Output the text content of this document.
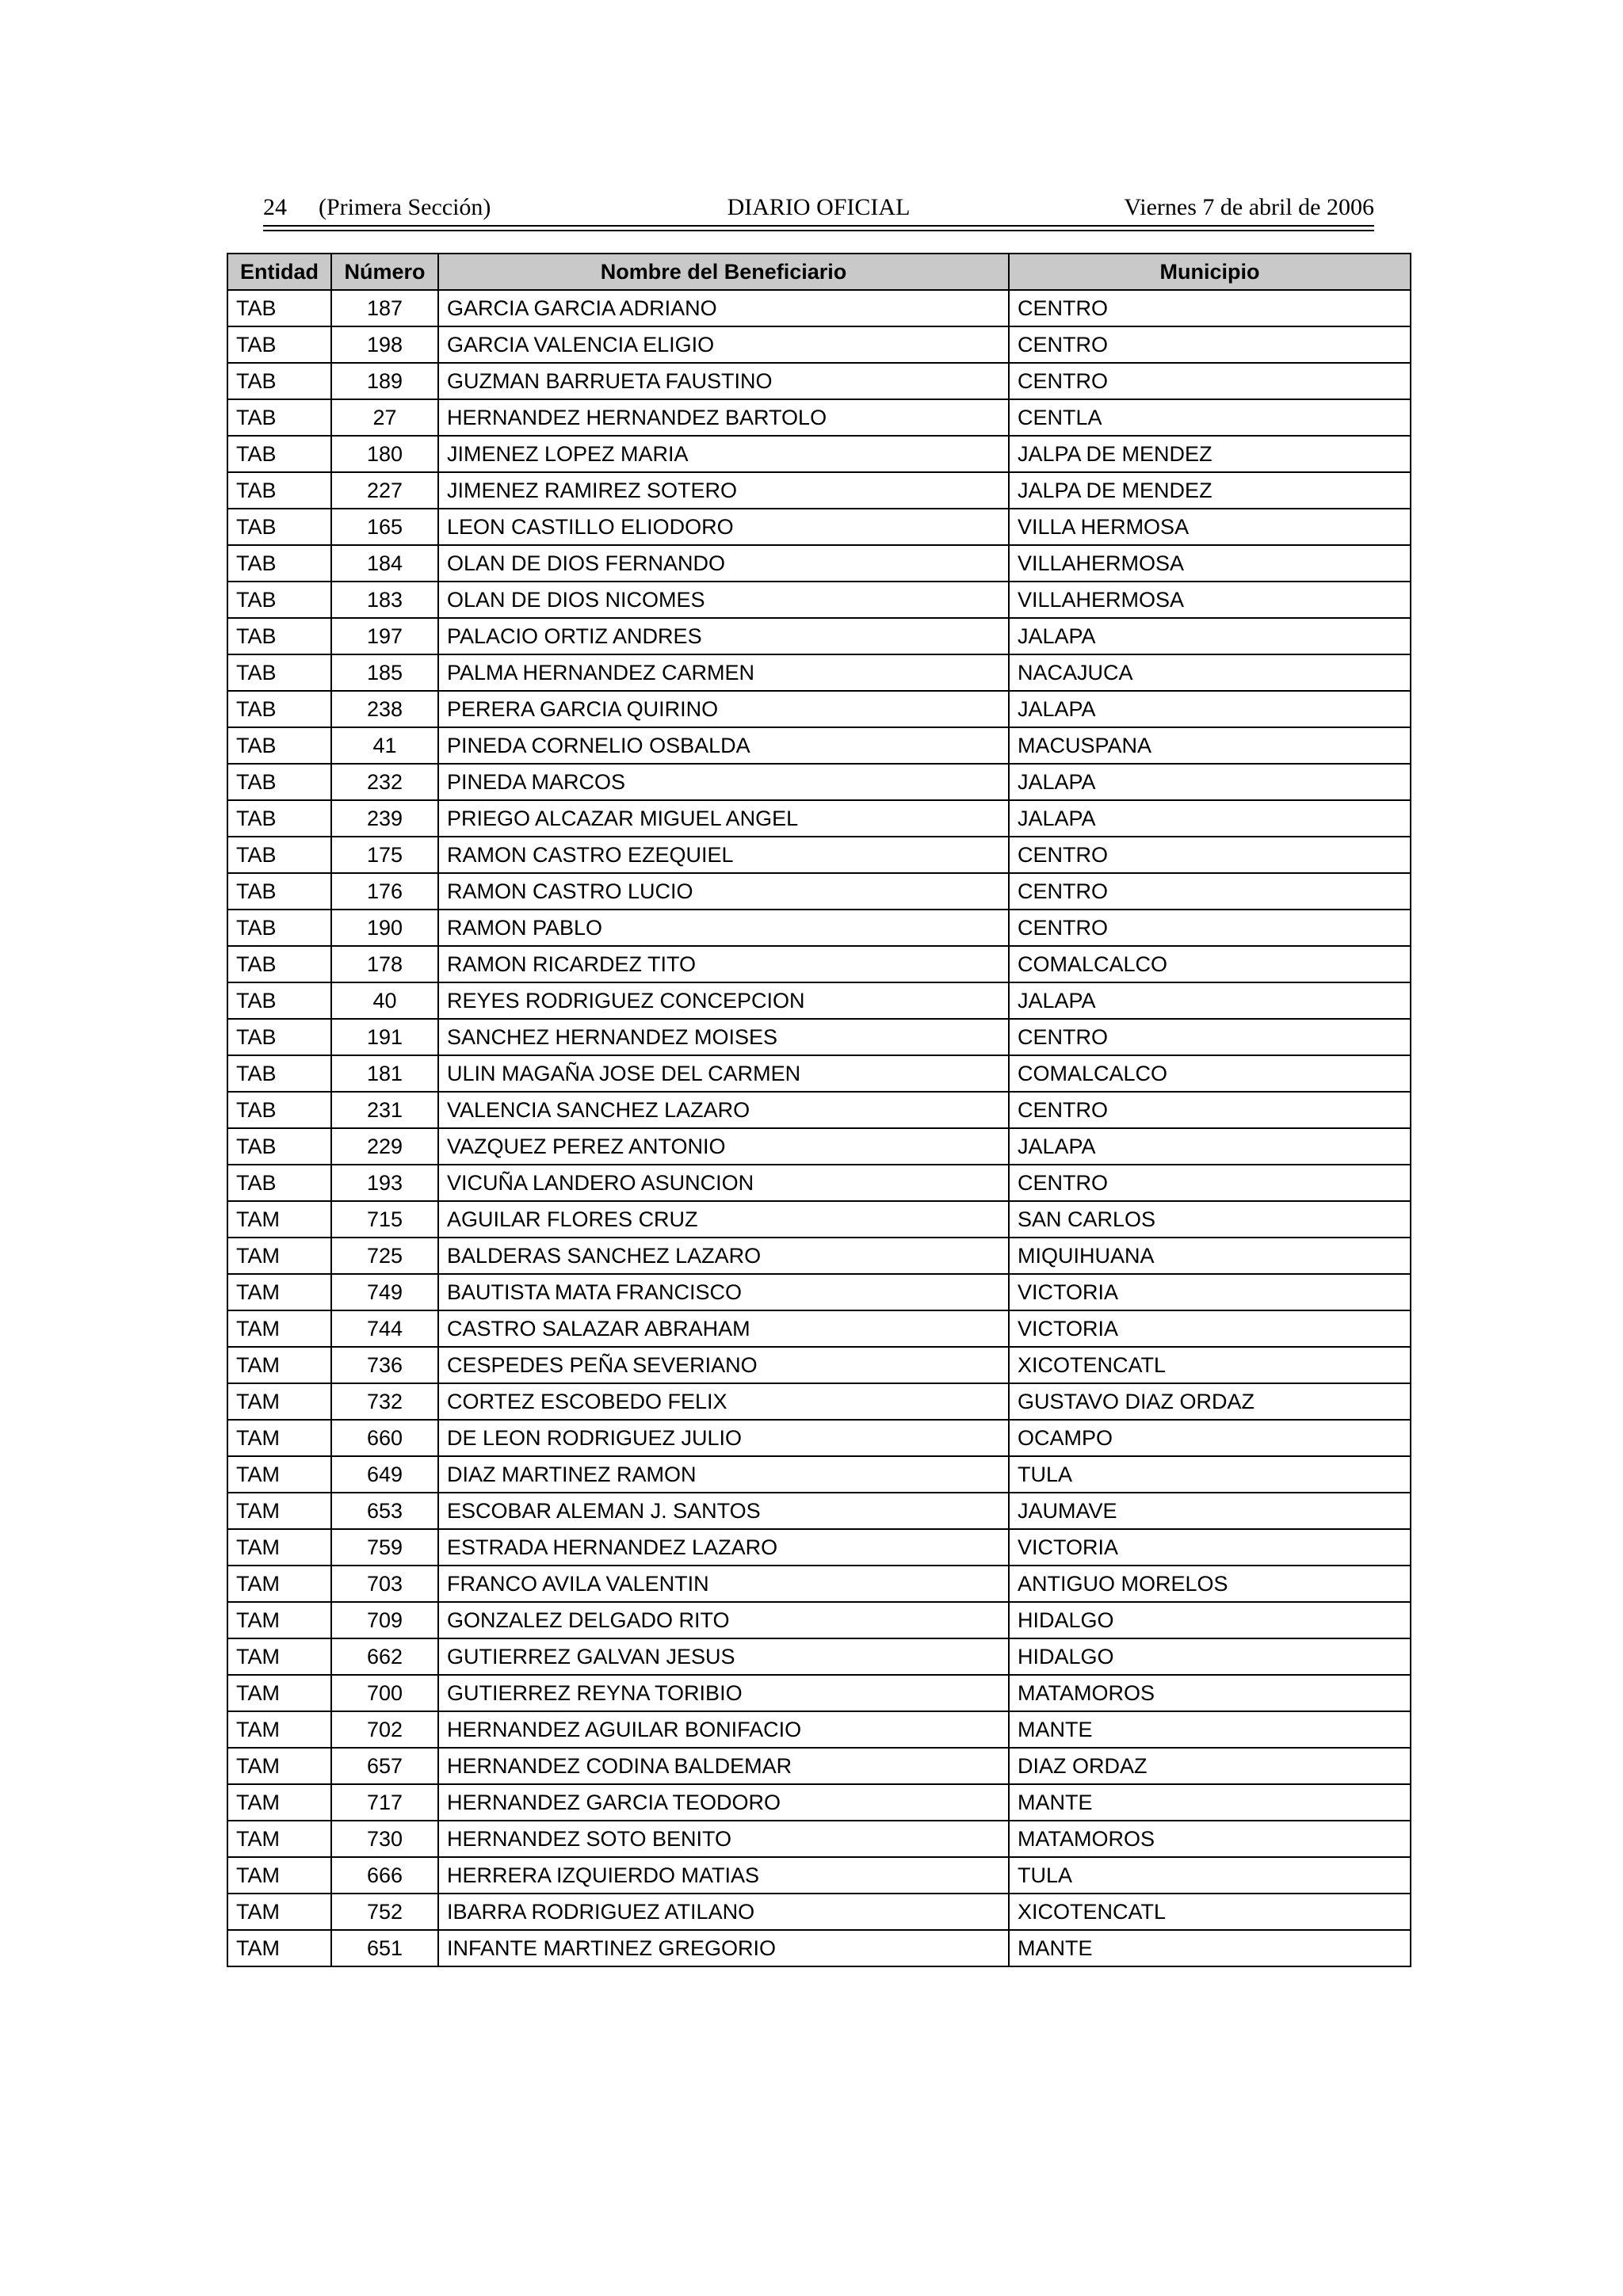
24 (Primera Sección)	DIARIO OFICIAL	Viernes 7 de abril de 2006
Entidad	Número	Nombre del Beneficiario	Municipio
TAB	187	GARCIA GARCIA ADRIANO	CENTRO
TAB	198	GARCIA VALENCIA ELIGIO	CENTRO
TAB	189	GUZMAN BARRUETA FAUSTINO	CENTRO
TAB	27	HERNANDEZ HERNANDEZ BARTOLO	CENTLA
TAB	180	JIMENEZ LOPEZ MARIA	JALPA DE MENDEZ
TAB	227	JIMENEZ RAMIREZ SOTERO	JALPA DE MENDEZ
TAB	165	LEON CASTILLO ELIODORO	VILLA HERMOSA
TAB	184	OLAN DE DIOS FERNANDO	VILLAHERMOSA
TAB	183	OLAN DE DIOS NICOMES	VILLAHERMOSA
TAB	197	PALACIO ORTIZ ANDRES	JALAPA
TAB	185	PALMA HERNANDEZ CARMEN	NACAJUCA
TAB	238	PERERA GARCIA QUIRINO	JALAPA
TAB	41	PINEDA CORNELIO OSBALDA	MACUSPANA
TAB	232	PINEDA MARCOS	JALAPA
TAB	239	PRIEGO ALCAZAR MIGUEL ANGEL	JALAPA
TAB	175	RAMON CASTRO EZEQUIEL	CENTRO
TAB	176	RAMON CASTRO LUCIO	CENTRO
TAB	190	RAMON PABLO	CENTRO
TAB	178	RAMON RICARDEZ TITO	COMALCALCO
TAB	40	REYES RODRIGUEZ CONCEPCION	JALAPA
TAB	191	SANCHEZ HERNANDEZ MOISES	CENTRO
TAB	181	ULIN MAGAÑA JOSE DEL CARMEN	COMALCALCO
TAB	231	VALENCIA SANCHEZ LAZARO	CENTRO
TAB	229	VAZQUEZ PEREZ ANTONIO	JALAPA
TAB	193	VICUÑA LANDERO ASUNCION	CENTRO
TAM	715	AGUILAR FLORES CRUZ	SAN CARLOS
TAM	725	BALDERAS SANCHEZ LAZARO	MIQUIHUANA
TAM	749	BAUTISTA MATA FRANCISCO	VICTORIA
TAM	744	CASTRO SALAZAR ABRAHAM	VICTORIA
TAM	736	CESPEDES PEÑA SEVERIANO	XICOTENCATL
TAM	732	CORTEZ ESCOBEDO FELIX	GUSTAVO DIAZ ORDAZ
TAM	660	DE LEON RODRIGUEZ JULIO	OCAMPO
TAM	649	DIAZ MARTINEZ RAMON	TULA
TAM	653	ESCOBAR ALEMAN J. SANTOS	JAUMAVE
TAM	759	ESTRADA HERNANDEZ LAZARO	VICTORIA
TAM	703	FRANCO AVILA VALENTIN	ANTIGUO MORELOS
TAM	709	GONZALEZ DELGADO RITO	HIDALGO
TAM	662	GUTIERREZ GALVAN JESUS	HIDALGO
TAM	700	GUTIERREZ REYNA TORIBIO	MATAMOROS
TAM	702	HERNANDEZ AGUILAR BONIFACIO	MANTE
TAM	657	HERNANDEZ CODINA BALDEMAR	DIAZ ORDAZ
TAM	717	HERNANDEZ GARCIA TEODORO	MANTE
TAM	730	HERNANDEZ SOTO BENITO	MATAMOROS
TAM	666	HERRERA IZQUIERDO MATIAS	TULA
TAM	752	IBARRA RODRIGUEZ ATILANO	XICOTENCATL
TAM	651	INFANTE MARTINEZ GREGORIO	MANTE
